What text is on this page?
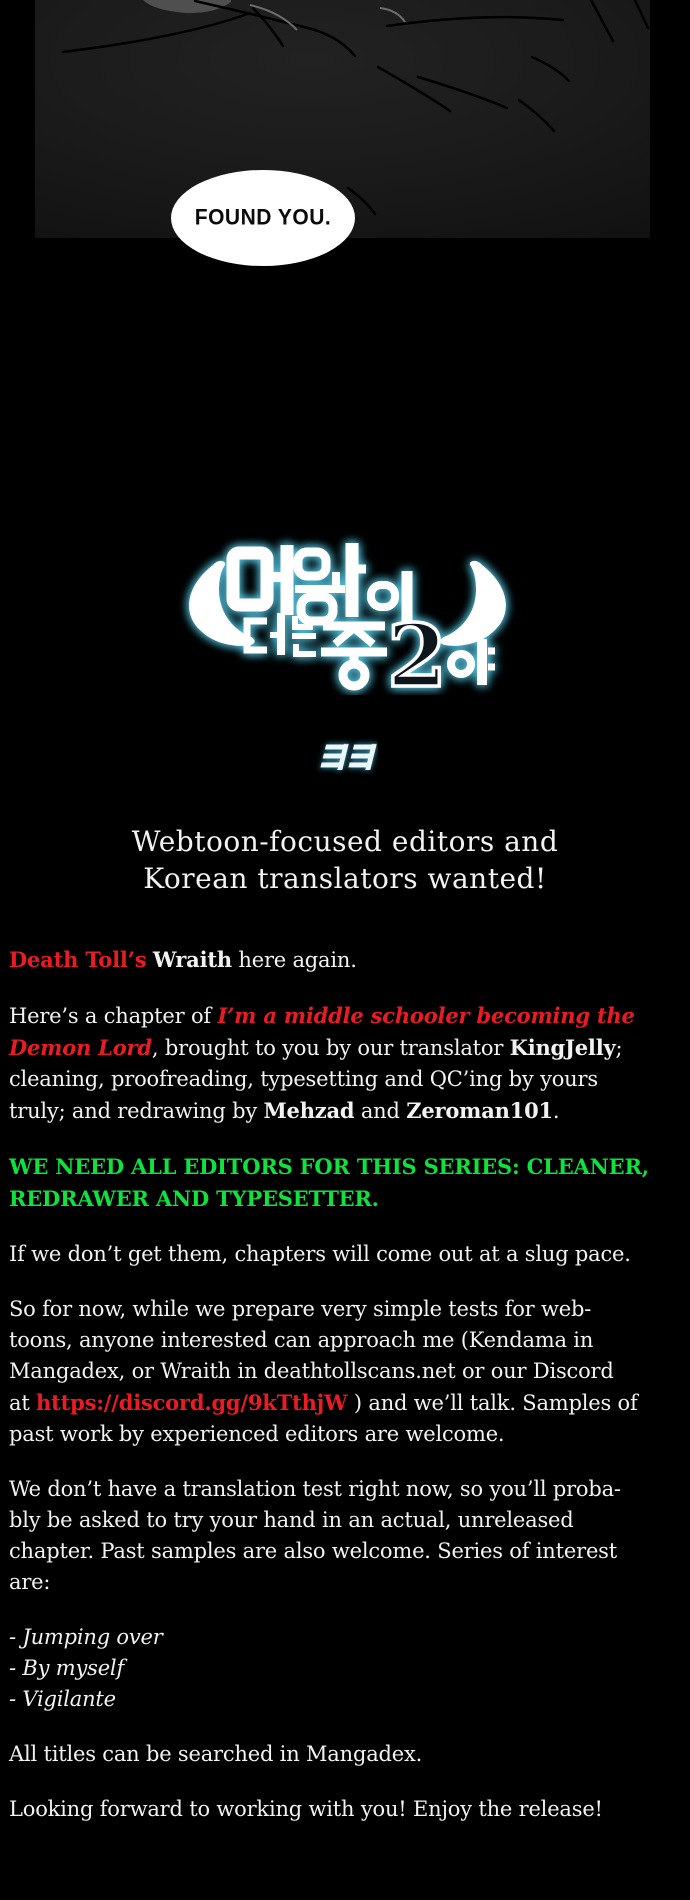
FOUND YOU.
2
Webtoon-focused editors and
Korean translators wanted!

Death Toll’s Wraith here again.

Here’s a chapter of I’m a middle schooler becoming the
Demon Lord, brought to you by our translator KingJelly;
cleaning, proofreading, typesetting and QC’ing by yours
truly; and redrawing by Mehzad and Zeroman101.

WE NEED ALL EDITORS FOR THIS SERIES: CLEANER,
REDRAWER AND TYPESETTER.

If we don’t get them, chapters will come out at a slug pace.

So for now, while we prepare very simple tests for web-
toons, anyone interested can approach me (Kendama in
Mangadex, or Wraith in deathtollscans.net or our Discord
at https://discord.gg/9kTthjW ) and we’ll talk. Samples of
past work by experienced editors are welcome.

We don’t have a translation test right now, so you’ll proba-
bly be asked to try your hand in an actual, unreleased
chapter. Past samples are also welcome. Series of interest
are:

- Jumping over
- By myself
- Vigilante

All titles can be searched in Mangadex.

Looking forward to working with you! Enjoy the release!
